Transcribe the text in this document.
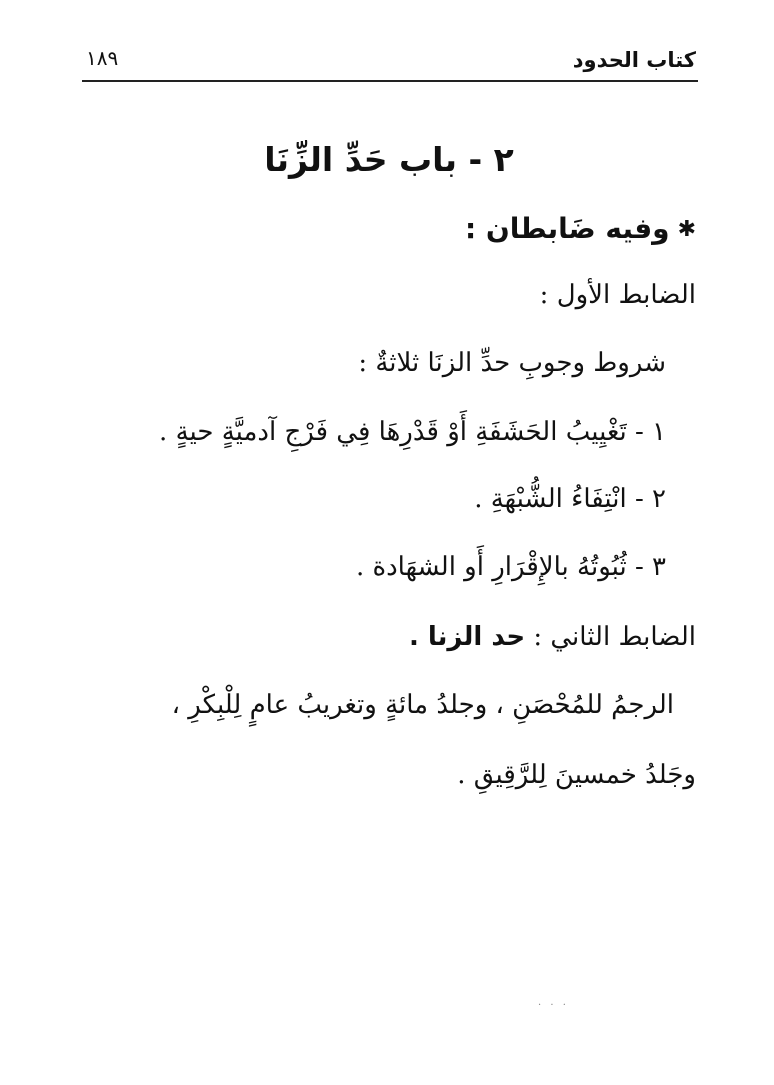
كتاب الحدود
١٨٩
٢ - باب حَدِّ الزِّنَا
✱وفيه ضَابطان :
الضابط الأول :
شروط وجوبِ حدِّ الزنَا ثلاثةٌ :
١ - تَغْيِيبُ الحَشَفَةِ أَوْ قَدْرِهَا فِي فَرْجِ آدميَّةٍ حيةٍ .
٢ - انْتِفَاءُ الشُّبْهَةِ .
٣ - ثُبُوتُهُ بالإِقْرَارِ أَو الشهَادة .
الضابط الثاني : حد الزنا .
الرجمُ للمُحْصَنِ ، وجلدُ مائةٍ وتغريبُ عامٍ لِلْبِكْرِ ،
وجَلدُ خمسينَ لِلرَّقِيقِ .
· · ·
